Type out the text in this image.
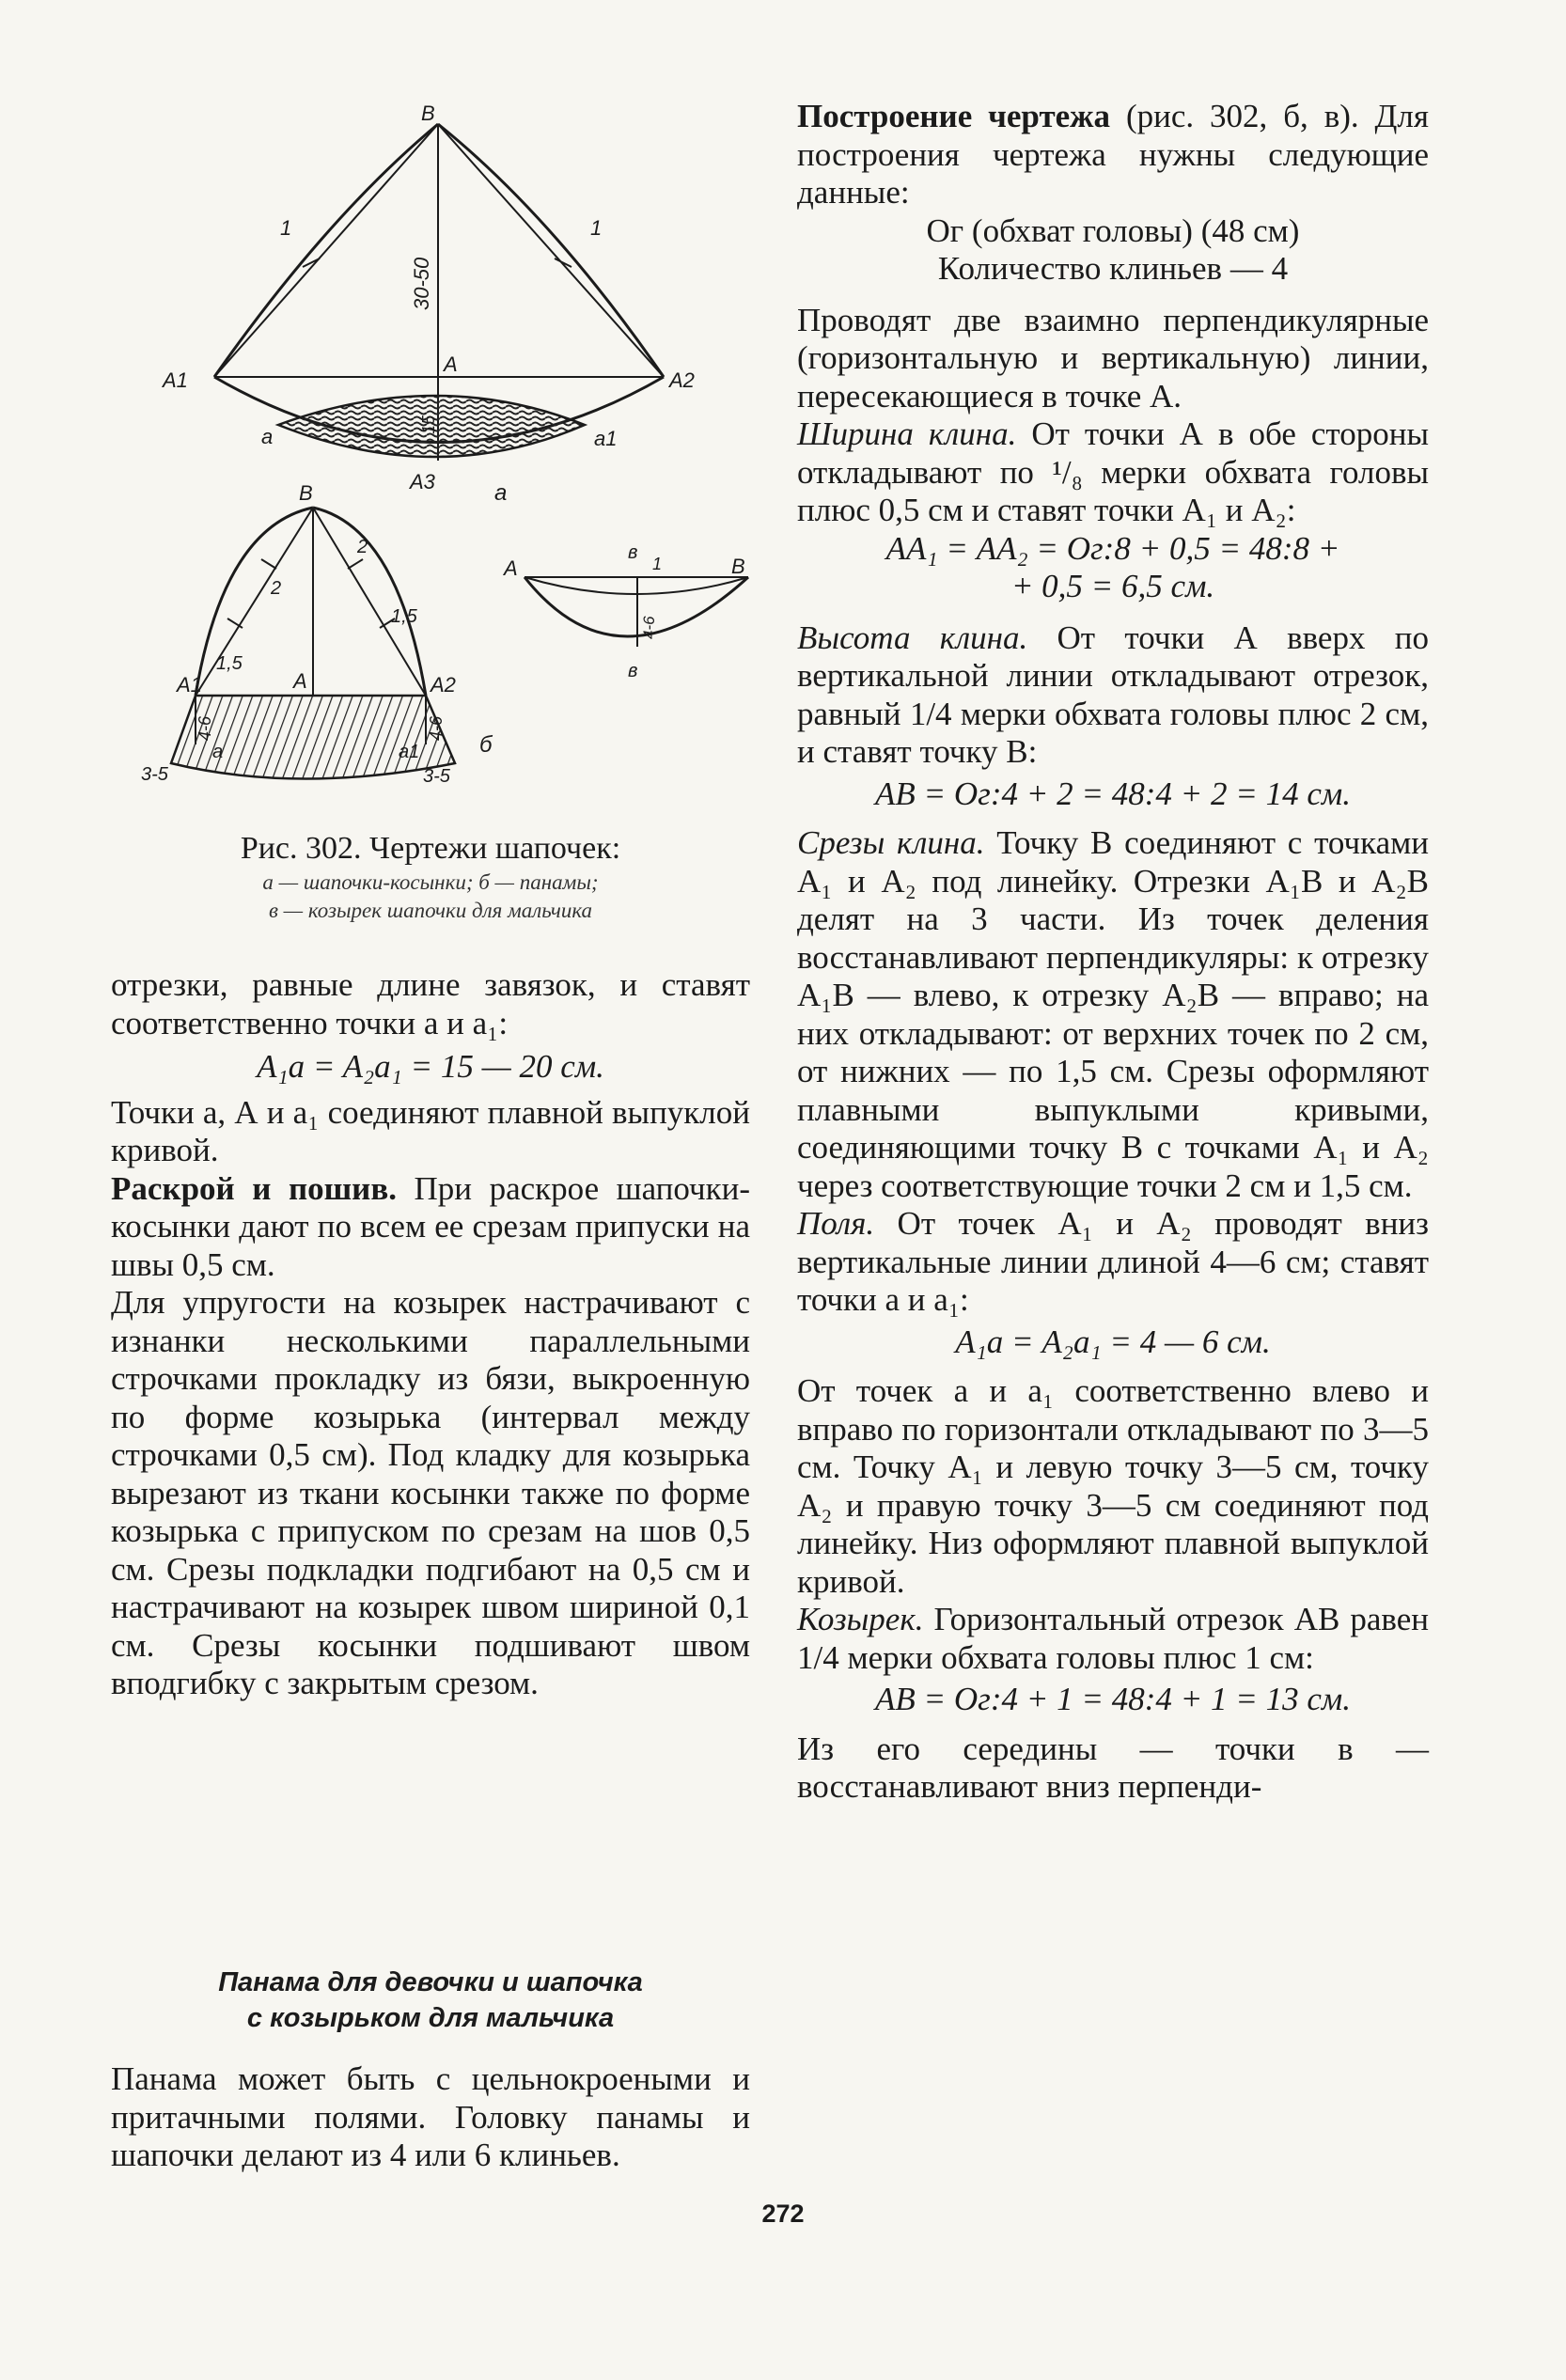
В
A
A1	A2
A3
a	a1
1	1
30-50
15
а
В
A
A1	A2
a	a1
2
2
1,5
1,5
4-6	4-6
3-5	3-5
б
A	В
в
в
1
4-6
Рис. 302. Чертежи шапочек:
а — шапочки-косынки; б — панамы;
в — козырек шапочки для мальчика

отрезки, равные длине завязок, и ставят соответственно точки а и а₁:

A₁a = A₂a₁ = 15 — 20 см.

Точки а, А и а₁ соединяют плавной выпуклой кривой.

Раскрой и пошив. При раскрое шапочки-косынки дают по всем ее срезам припуски на швы 0,5 см.

Для упругости на козырек настрачивают с изнанки несколькими параллельными строчками прокладку из бязи, выкроенную по форме козырька (интервал между строчками 0,5 см). Под кладку для козырька вырезают из ткани косынки также по форме козырька с припуском по срезам на шов 0,5 см. Срезы подкладки подгибают на 0,5 см и настрачивают на козырек швом шириной 0,1 см. Срезы косынки подшивают швом вподгибку с закрытым срезом.

Панама для девочки и шапочка
с козырьком для мальчика

Панама может быть с цельнокроеными и притачными полями. Головку панамы и шапочки делают из 4 или 6 клиньев.

Построение чертежа (рис. 302, б, в). Для построения чертежа нужны следующие данные:

Ог (обхват головы) (48 см)

Количество клиньев — 4

Проводят две взаимно перпендикулярные (горизонтальную и вертикальную) линии, пересекающиеся в точке А.

Ширина клина. От точки А в обе стороны откладывают по ¹/₈ мерки обхвата головы плюс 0,5 см и ставят точки А₁ и А₂:

АА₁ = АА₂ = Ог:8 + 0,5 = 48:8 +

+ 0,5 = 6,5 см.

Высота клина. От точки А вверх по вертикальной линии откладывают отрезок, равный 1/4 мерки обхвата головы плюс 2 см, и ставят точку В:

АВ = Ог:4 + 2 = 48:4 + 2 = 14 см.

Срезы клина. Точку В соединяют с точками А₁ и А₂ под линейку. Отрезки А₁В и А₂В делят на 3 части. Из точек деления восстанавливают перпендикуляры: к отрезку А₁В — влево, к отрезку А₂В — вправо; на них откладывают: от верхних точек по 2 см, от нижних — по 1,5 см. Срезы оформляют плавными выпуклыми кривыми, соединяющими точку В с точками А₁ и А₂ через соответствующие точки 2 см и 1,5 см.

Поля. От точек А₁ и А₂ проводят вниз вертикальные линии длиной 4—6 см; ставят точки а и а₁:

А₁а = А₂а₁ = 4 — 6 см.

От точек а и а₁ соответственно влево и вправо по горизонтали откладывают по 3—5 см. Точку А₁ и левую точку 3—5 см, точку А₂ и правую точку 3—5 см соединяют под линейку. Низ оформляют плавной выпуклой кривой.

Козырек. Горизонтальный отрезок АВ равен 1/4 мерки обхвата головы плюс 1 см:

АВ = Ог:4 + 1 = 48:4 + 1 = 13 см.

Из его середины — точки в — восстанавливают вниз перпенди-

272
